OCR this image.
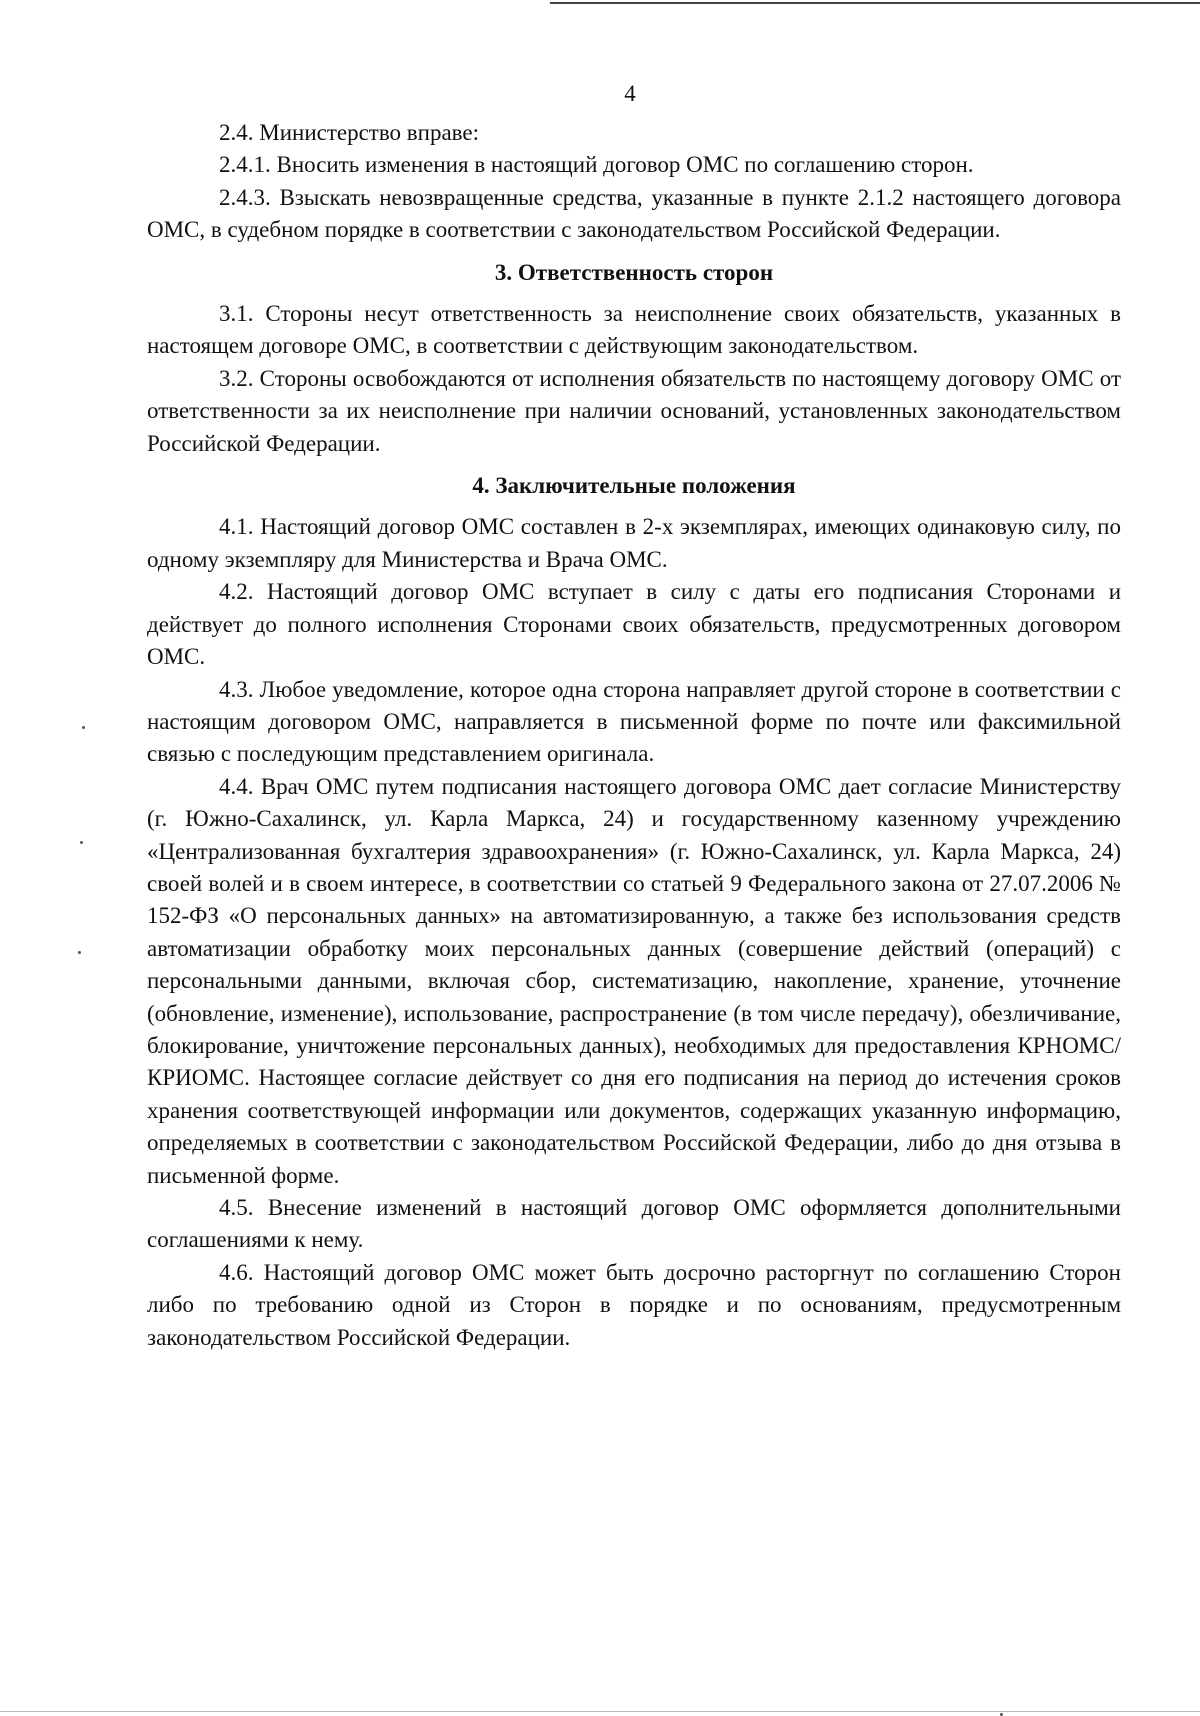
4

2.4. Министерство вправе:

2.4.1. Вносить изменения в настоящий договор ОМС по соглашению сторон.

2.4.3. Взыскать невозвращенные средства, указанные в пункте 2.1.2 настоящего договора ОМС, в судебном порядке в соответствии с законодательством Российской Федерации.

3. Ответственность сторон

3.1. Стороны несут ответственность за неисполнение своих обязательств, указанных в настоящем договоре ОМС, в соответствии с действующим законодательством.

3.2. Стороны освобождаются от исполнения обязательств по настоящему договору ОМС от ответственности за их неисполнение при наличии оснований, установленных законодательством Российской Федерации.

4. Заключительные положения

4.1. Настоящий договор ОМС составлен в 2-х экземплярах, имеющих одинаковую силу, по одному экземпляру для Министерства и Врача ОМС.

4.2. Настоящий договор ОМС вступает в силу с даты его подписания Сторонами и действует до полного исполнения Сторонами своих обязательств, предусмотренных договором ОМС.

4.3. Любое уведомление, которое одна сторона направляет другой стороне в соответствии с настоящим договором ОМС, направляется в письменной форме по почте или факсимильной связью с последующим представлением оригинала.

4.4. Врач ОМС путем подписания настоящего договора ОМС дает согласие Министерству (г. Южно-Сахалинск, ул. Карла Маркса, 24) и государственному казенному учреждению «Централизованная бухгалтерия здравоохранения» (г. Южно-Сахалинск, ул. Карла Маркса, 24) своей волей и в своем интересе, в соответствии со статьей 9 Федерального закона от 27.07.2006 № 152-ФЗ «О персональных данных» на автоматизированную, а также без использования средств автоматизации обработку моих персональных данных (совершение действий (операций) с персональными данными, включая сбор, систематизацию, накопление, хранение, уточнение (обновление, изменение), использование, распространение (в том числе передачу), обезличивание, блокирование, уничтожение персональных данных), необходимых для предоставления КРНОМС/КРИОМС. Настоящее согласие действует со дня его подписания на период до истечения сроков хранения соответствующей информации или документов, содержащих указанную информацию, определяемых в соответствии с законодательством Российской Федерации, либо до дня отзыва в письменной форме.

4.5. Внесение изменений в настоящий договор ОМС оформляется дополнительными соглашениями к нему.

4.6. Настоящий договор ОМС может быть досрочно расторгнут по соглашению Сторон либо по требованию одной из Сторон в порядке и по основаниям, предусмотренным законодательством Российской Федерации.
